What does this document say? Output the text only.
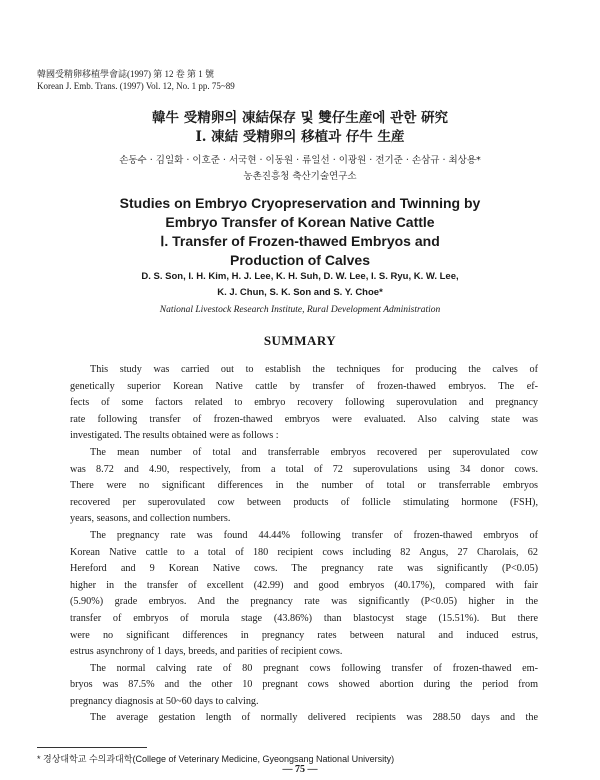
韓國受精卵移植學會誌(1997) 第 12 卷 第 1 號
Korean J. Emb. Trans. (1997) Vol. 12, No. 1 pp. 75~89
韓牛 受精卵의 凍結保存 및 雙仔生産에 관한 硏究
Ⅰ. 凍結 受精卵의 移植과 仔牛 生産
손동수 · 김일화 · 이호준 · 서국현 · 이동원 · 류일선 · 이광원 · 전기준 · 손삼규 · 최상용*
농촌진흥청 축산기술연구소
Studies on Embryo Cryopreservation and Twinning by
Embryo Transfer of Korean Native Cattle
Ⅰ. Transfer of Frozen-thawed Embryos and
Production of Calves
D. S. Son, I. H. Kim, H. J. Lee, K. H. Suh, D. W. Lee, I. S. Ryu, K. W. Lee,
K. J. Chun, S. K. Son and S. Y. Choe*
National Livestock Research Institute, Rural Development Administration
SUMMARY
This study was carried out to establish the techniques for producing the calves of
genetically superior Korean Native cattle by transfer of frozen-thawed embryos. The ef-
fects of some factors related to embryo recovery following superovulation and pregnancy
rate following transfer of frozen-thawed embryos were evaluated. Also calving state was
investigated. The results obtained were as follows :
The mean number of total and transferrable embryos recovered per superovulated cow
was 8.72 and 4.90, respectively, from a total of 72 superovulations using 34 donor cows.
There were no significant differences in the number of total or transferrable embryos
recovered per superovulated cow between products of follicle stimulating hormone (FSH),
years, seasons, and collection numbers.
The pregnancy rate was found 44.44% following transfer of frozen-thawed embryos of
Korean Native cattle to a total of 180 recipient cows including 82 Angus, 27 Charolais, 62
Hereford and 9 Korean Native cows. The pregnancy rate was significantly (P<0.05)
higher in the transfer of excellent (42.99) and good embryos (40.17%), compared with fair
(5.90%) grade embryos. And the pregnancy rate was significantly (P<0.05) higher in the
transfer of embryos of morula stage (43.86%) than blastocyst stage (15.51%). But there
were no significant differences in pregnancy rates between natural and induced estrus,
estrus asynchrony of 1 days, breeds, and parities of recipient cows.
The normal calving rate of 80 pregnant cows following transfer of frozen-thawed em-
bryos was 87.5% and the other 10 pregnant cows showed abortion during the period from
pregnancy diagnosis at 50~60 days to calving.
The average gestation length of normally delivered recipients was 288.50 days and the
* 경상대학교 수의과대학(College of Veterinary Medicine, Gyeongsang National University)
— 75 —
